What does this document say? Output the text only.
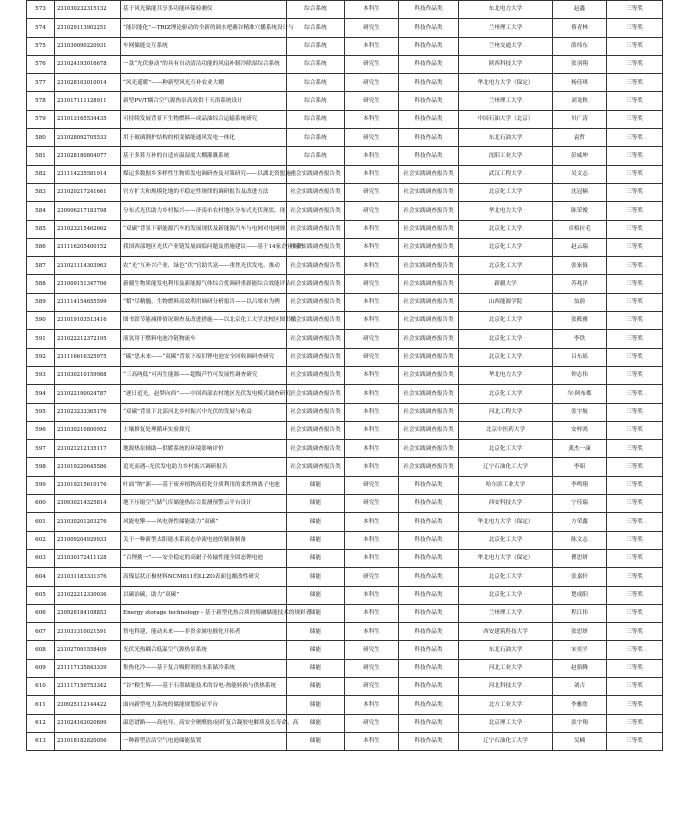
573	231030232315132	基于风光储能共享多功能环保检测仪	综合系统	本科生	科技作品类	东北电力大学	赵鑫	三等奖
574	231029113902251	“能识能化”—TRIZ理论驱动的全新的调水吧蘸谷精准穴播系统设计与	综合系统	研究生	科技作品类	兰州理工大学	蔡青林	三等奖
575	231030090220931	车网储能交互系统	综合系统	本科生	科技作品类	兰州交通大学	薛伟东	三等奖
576	231024193016678	一款“光伏驱动”的具有自动清洁功能的风扇补制冷除湿综合系统	综合系统	研究生	科技作品类	陕西科技大学	张羽翔	三等奖
577	231028103010014	“风光遥暖”——种新型风光互补农业大棚	综合系统	研究生	科技作品类	华北电力大学（保定）	杨佳琪	三等奖
578	231017111128911	新型PV/T耦合空气源热泵高效供干天浴系统设计	综合系统	研究生	科技作品类	兰州理工大学	刘龙秋	三等奖
579	231013165534435	可持续发展背景下生物燃料—成品油综合运输系统研究	综合系统	本科生	科技作品类	中国石油大学（北京）	贝广涛	三等奖
580	231028092705533	用于玻璃钢护结构的相变储能通风发电一体化	综合系统	研究生	科技作品类	东北石油大学	袁哲	三等奖
581	231028180804077	基于多算互补的自适应温湿度大棚灌溉系统	综合系统	本科生	科技作品类	沈阳工业大学	彭威坤	三等奖
582	231114235581914	煤运多数据乡多样性生物质发电调研查及对策研究——以湖北资盟施主	社会实践调查报告类	本科生	社会实践调查报告类	武汉工程大学	吴文志	三等奖
583	231020217241661	官方扩大和规模化地的不稳定性规律的调研报告及改进方法	社会实践调查报告类	研究生	社会实践调查报告类	北京化工大学	沈冠楠	三等奖
584	230906217183798	分布式光伏助力乡村振兴——济南市农村地区分布式光伏现状、现	社会实践调查报告类	研究生	社会实践调查报告类	华北电力大学	陈荣俊	三等奖
585	231023215462662	“双碳”背景下新能源汽车的发展现状及新能源汽车与电网对电网规	社会实践调查报告类	本科生	社会实践调查报告类	北京化工大学	卓格拉毛	三等奖
586	231116205400152	我国西部地区光伏产业链发展面临问题及措施建议——基于14家企业调研	社会实践调查报告类	本科生	社会实践调查报告类	北京化工大学	赵云瑞	三等奖
587	231021114303963	农“光”互补兴产业，绿色“伏”官助共富——重焦光伏发电、推动	社会实践调查报告类	本科生	社会实践调查报告类	北京化工大学	张家伋	三等奖
588	231009151347706	新疆生物质能发电利用及新能源气体综合优调研重新能综合效能评估	社会实践调查报告类	研究生	社会实践调查报告类	新疆大学	苏兆洋	三等奖
589	231114154655599	“稻”尽精髓，生物燃料高效利用调研分析报告——以吕梁市为例	社会实践调查报告类	本科生	社会实践调查报告类	山西能源学院	翁蔚	三等奖
590	231019103513416	图书馆节能减排情况调查及改进措施——以北京化工大学北校区图书馆	社会实践调查报告类	本科生	社会实践调查报告类	北京化工大学	张筱雅	三等奖
591	231022212372195	液氢用于燃料电池冷链物流车	社会实践调查报告类	研究生	社会实践调查报告类	北京化工大学	李铁	三等奖
592	231116616325975	“碳”思未来——“双碳”背景下废旧锂电池安全回收调研查研究	社会实践调查报告类	研究生	社会实践调查报告类	北京化工大学	吕东瑶	三等奖
593	231030210159988	“三高两低”可再生能源——超级芦竹可发展性调查研究	社会实践调查报告类	本科生	社会实践调查报告类	华北电力大学	钟志伟	三等奖
594	231022190024787	“逐日追光，赵梦向西”——中国西部农村地区光伏发电模式调查研究	社会实践调查报告类	本科生	社会实践调查报告类	北京化工大学	尔·阿布都	三等奖
595	231023233365176	“双碳”背景下北部河北乡村振兴中光伏的发展与收益	社会实践调查报告类	本科生	社会实践调查报告类	河北工程大学	张宇航	三等奖
596	231030210800952	土壤修复处理循环实验探究	社会实践调查报告类	本科生	社会实践调查报告类	北京中医药大学	安梓鸿	三等奖
597	231021212135117	地源热泵辅助—供暖系统的环境影响评价	社会实践调查报告类	本科生	社会实践调查报告类	北京化工大学	龚杰一康	三等奖
598	231019220645586	追光而遇--光伏发电助力乡村振兴调研报告	社会实践调查报告类	本科生	社会实践调查报告类	辽宁石油化工大学	李昭	三等奖
599	231019215610176	叶面“纳”新——基于废弃植物高值化分质利用的柔性纳离子电池	储能	研究生	科技作品类	哈尔滨工业大学	李鸣翔	三等奖
600	230930214325814	地下压缩空气储气库储能热综合监测预警云平台设计	储能	研究生	科技作品类	西安科技大学	宁佳瑞	三等奖
601	231030201203276	风能电擎——风电弹性储能助力“双碳”	储能	本科生	科技作品类	华北电力大学（保定）	方荣鑫	三等奖
602	231009204929933	关于一种新型太阳能水系液态单流电池的制备制备	储能	本科生	科技作品类	北京化工大学	陈文志	三等奖
603	231030172411128	“百锂挑一”——安全稳定的高耐子传输性能全固态锂电池	储能	本科生	科技作品类	华北电力大学（保定）	瞿思妍	三等奖
604	231031183331376	高镍层状正极材料NCM811的LLZO表面包覆改性研究	储能	研究生	科技作品类	北京化工大学	张嘉轩	三等奖
605	231022212330036	以碳治碳，助力“双碳”	储能	本科生	科技作品类	北京化工大学	楚成阳	三等奖
606	230926184108853	Energy storage technology - 基于新型化热合质的熔融储能技术的规彩者	储能	本科生	科技作品类	兰州理工大学	程江伟	三等奖
607	231031310021591	智电科建，能动未来——非贵金属电催化开拓者	储能	本科生	科技作品类	西安建筑科技大学	张思妍	三等奖
608	231027091558409	光伏光热耦合低温空气源热泵系统	储能	研究生	科技作品类	东北石油大学	宋奕平	三等奖
609	231117135843339	集热化冷——基于复合吸附剂的水系储冷系统	储能	研究生	科技作品类	河北工业大学	赵骆腾	三等奖
610	231117150753342	“谷”粮生辉——基于石墨储能技术的谷电-热能转换与供热系统	储能	研究生	科技作品类	河北科技大学	刘占	三等奖
611	230925112144422	面向新型电力系统的储能规划验证平台	储能	本科生	科技作品类	北方工业大学	李雅欣	三等奖
612	231024163020899	温思谱路——高电导、高安全聚酰胺/硅纤复合凝胶电解质及长寿命、高	储能	研究生	科技作品类	北京理工大学	张宇翔	三等奖
613	231018182820056	一种新型洁洁空气电池储能装置	储能	本科生	科技作品类	辽宁石油化工大学	吴楠	三等奖
